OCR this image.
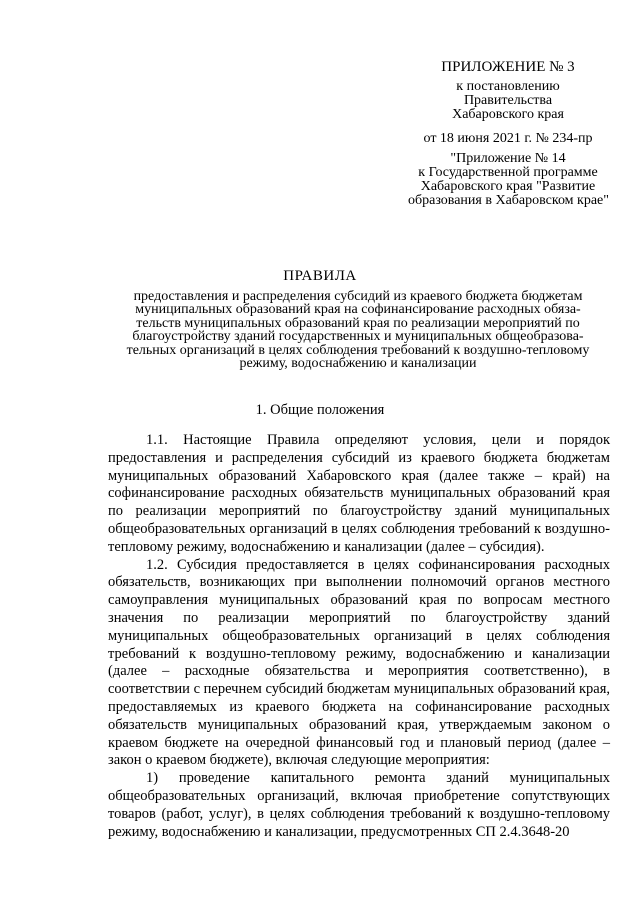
ПРИЛОЖЕНИЕ № 3
к постановлению
Правительства
Хабаровского края
от 18 июня 2021 г. № 234-пр
"Приложение № 14
к Государственной программе
Хабаровского края "Развитие
образования в Хабаровском крае"
ПРАВИЛА
предоставления и распределения субсидий из краевого бюджета бюджетам
муниципальных образований края на софинансирование расходных обяза-
тельств муниципальных образований края по реализации мероприятий по
благоустройству зданий государственных и муниципальных общеобразова-
тельных организаций в целях соблюдения требований к воздушно-тепловому
режиму, водоснабжению и канализации
1. Общие положения

1.1. Настоящие Правила определяют условия, цели и порядок предоставления и распределения субсидий из краевого бюджета бюджетам муниципальных образований Хабаровского края (далее также – край) на софинансирование расходных обязательств муниципальных образований края по реализации мероприятий по благоустройству зданий муниципальных общеобразовательных организаций в целях соблюдения требований к воздушно-тепловому режиму, водоснабжению и канализации (далее – субсидия).

1.2. Субсидия предоставляется в целях софинансирования расходных обязательств, возникающих при выполнении полномочий органов местного самоуправления муниципальных образований края по вопросам местного значения по реализации мероприятий по благоустройству зданий муниципальных общеобразовательных организаций в целях соблюдения требований к воздушно-тепловому режиму, водоснабжению и канализации (далее – расходные обязательства и мероприятия соответственно), в соответствии с перечнем субсидий бюджетам муниципальных образований края, предоставляемых из краевого бюджета на софинансирование расходных обязательств муниципальных образований края, утверждаемым законом о краевом бюджете на очередной финансовый год и плановый период (далее – закон о краевом бюджете), включая следующие мероприятия:

1) проведение капитального ремонта зданий муниципальных общеобразовательных организаций, включая приобретение сопутствующих товаров (работ, услуг), в целях соблюдения требований к воздушно-тепловому режиму, водоснабжению и канализации, предусмотренных СП 2.4.3648-20
